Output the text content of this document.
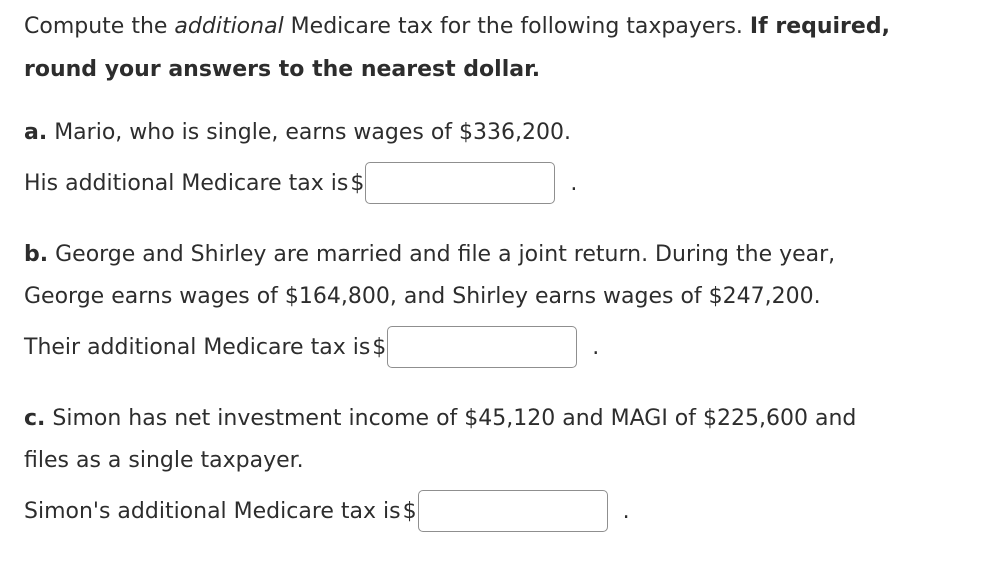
Compute the additional Medicare tax for the following taxpayers. If required,
round your answers to the nearest dollar.
a. Mario, who is single, earns wages of $336,200.
His additional Medicare tax is $	.
b. George and Shirley are married and file a joint return. During the year,
George earns wages of $164,800, and Shirley earns wages of $247,200.
Their additional Medicare tax is $	.
c. Simon has net investment income of $45,120 and MAGI of $225,600 and
files as a single taxpayer.
Simon's additional Medicare tax is $	.
